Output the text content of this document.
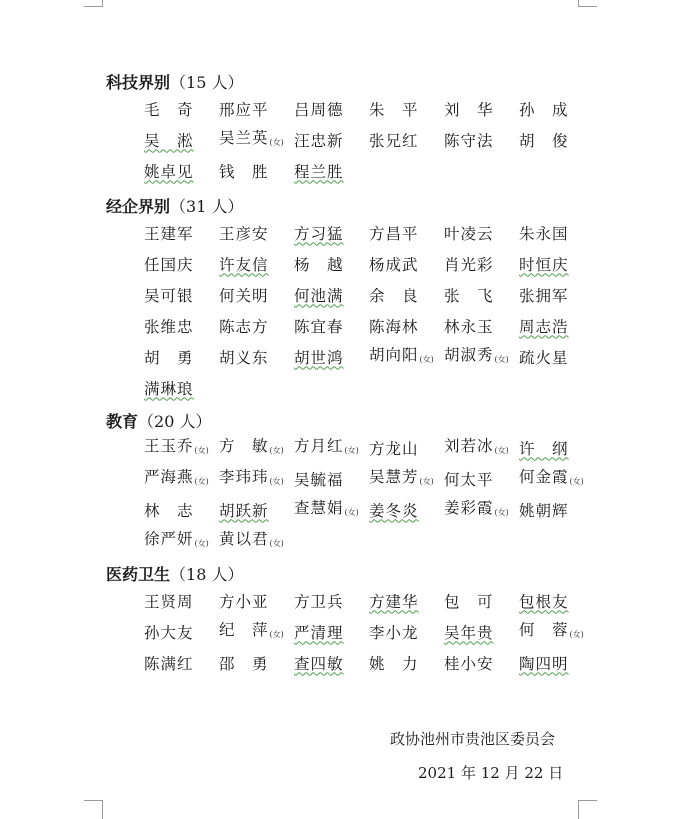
科技界别（15 人）
毛　奇	邢应平	吕周德	朱　平	刘　华	孙　成
吴　淞	吴兰英(女) 汪忠新	张兄红	陈守法	胡　俊
姚卓见	钱　胜	程兰胜
经企界别（31 人）
王建军	王彦安	方习猛	方昌平	叶凌云	朱永国
任国庆	许友信	杨　越	杨成武	肖光彩	时恒庆
吴可银	何关明	何池满	余　良	张　飞	张拥军
张维忠	陈志方	陈宜春	陈海林	林永玉	周志浩
胡　勇	胡义东	胡世鸿	胡向阳(女) 胡淑秀(女) 疏火星
满琳琅
教育（20 人）
王玉乔(女) 方　敏(女) 方月红(女) 方龙山	刘若冰(女) 许　纲
严海燕(女) 李玮玮(女) 吴毓福	吴慧芳(女) 何太平	何金霞(女)
林　志	胡跃新	查慧娟(女) 姜冬炎	姜彩霞(女) 姚朝辉
徐严妍(女) 黄以君(女)
医药卫生（18 人）
王贤周	方小亚	方卫兵	方建华	包　可	包根友
孙大友	纪　萍(女) 严清理	李小龙	吴年贵	何　蓉(女)
陈满红	邵　勇	查四敏	姚　力	桂小安	陶四明
政协池州市贵池区委员会
2021 年 12 月 22 日
